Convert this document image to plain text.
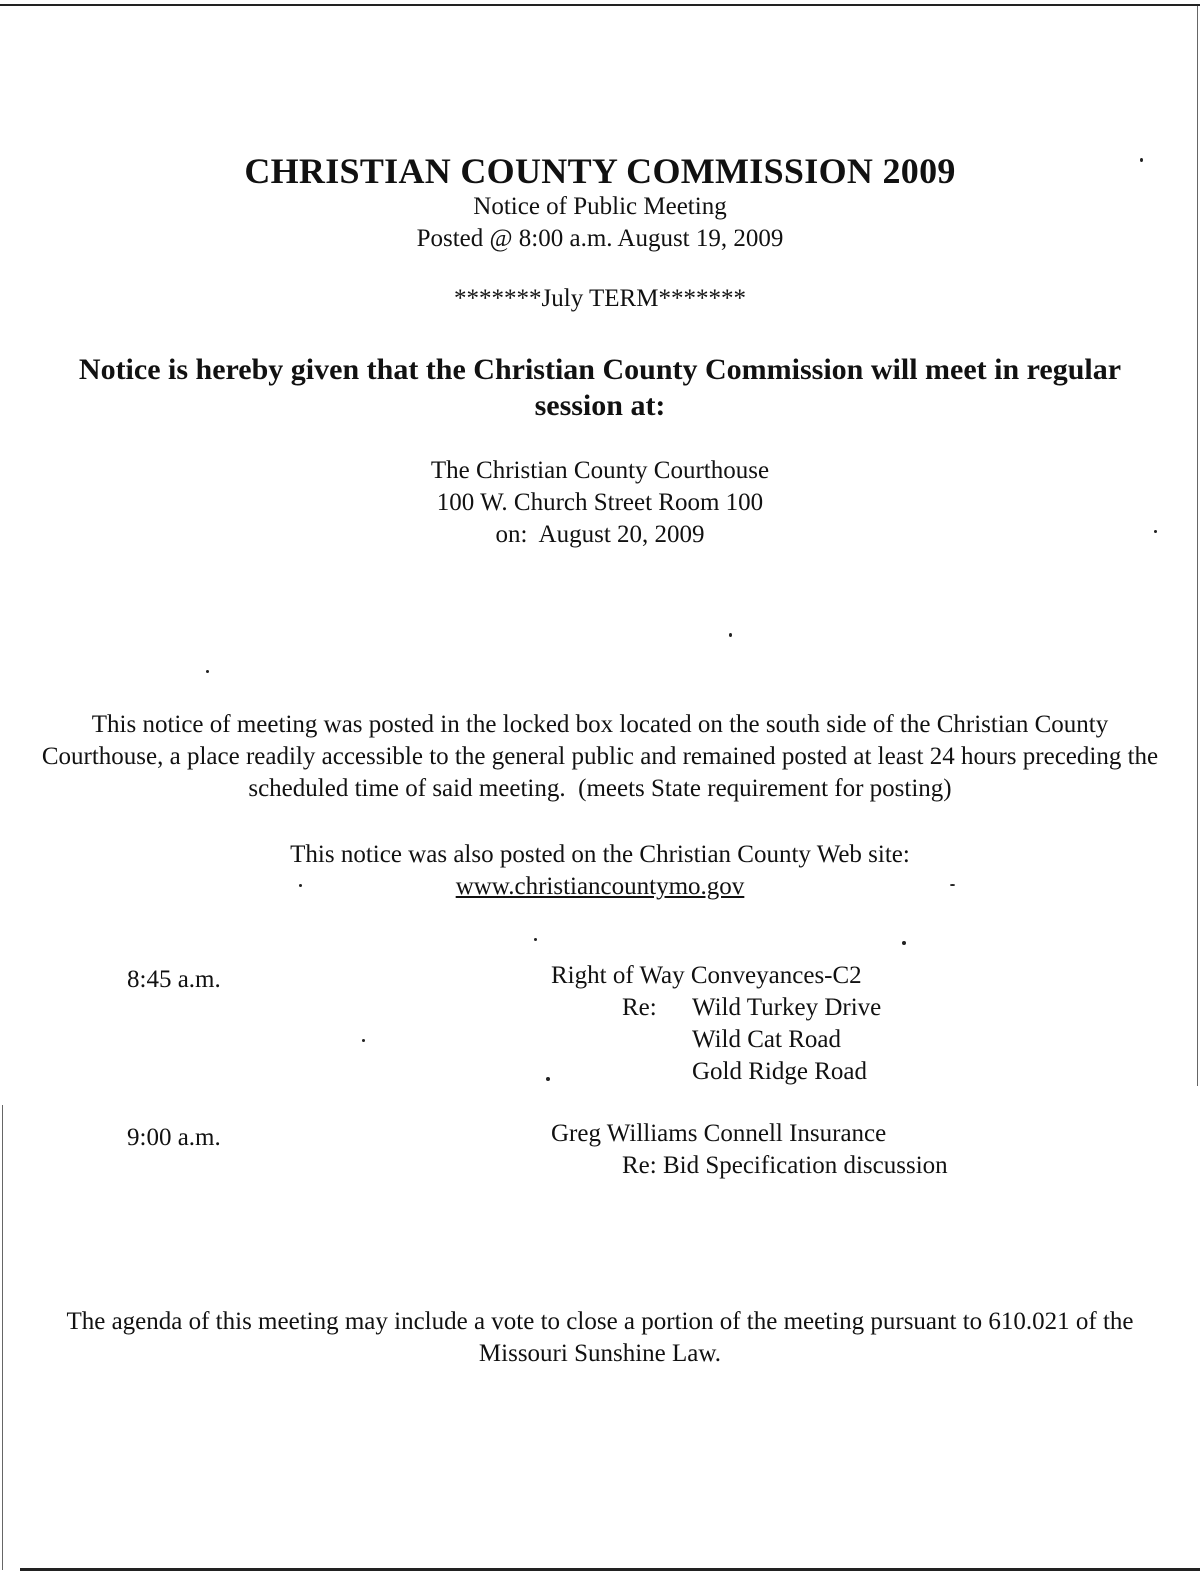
CHRISTIAN COUNTY COMMISSION 2009
Notice of Public Meeting
Posted @ 8:00 a.m. August 19, 2009
*******July TERM*******
Notice is hereby given that the Christian County Commission will meet in regular session at:
The Christian County Courthouse
100 W. Church Street Room 100
on:  August 20, 2009
This notice of meeting was posted in the locked box located on the south side of the Christian County Courthouse, a place readily accessible to the general public and remained posted at least 24 hours preceding the scheduled time of said meeting.  (meets State requirement for posting)
This notice was also posted on the Christian County Web site:
www.christiancountymo.gov
8:45 a.m.	Right of Way Conveyances-C2
Re: Wild Turkey Drive
Wild Cat Road
Gold Ridge Road
9:00 a.m.	Greg Williams Connell Insurance
Re: Bid Specification discussion
The agenda of this meeting may include a vote to close a portion of the meeting pursuant to 610.021 of the Missouri Sunshine Law.
